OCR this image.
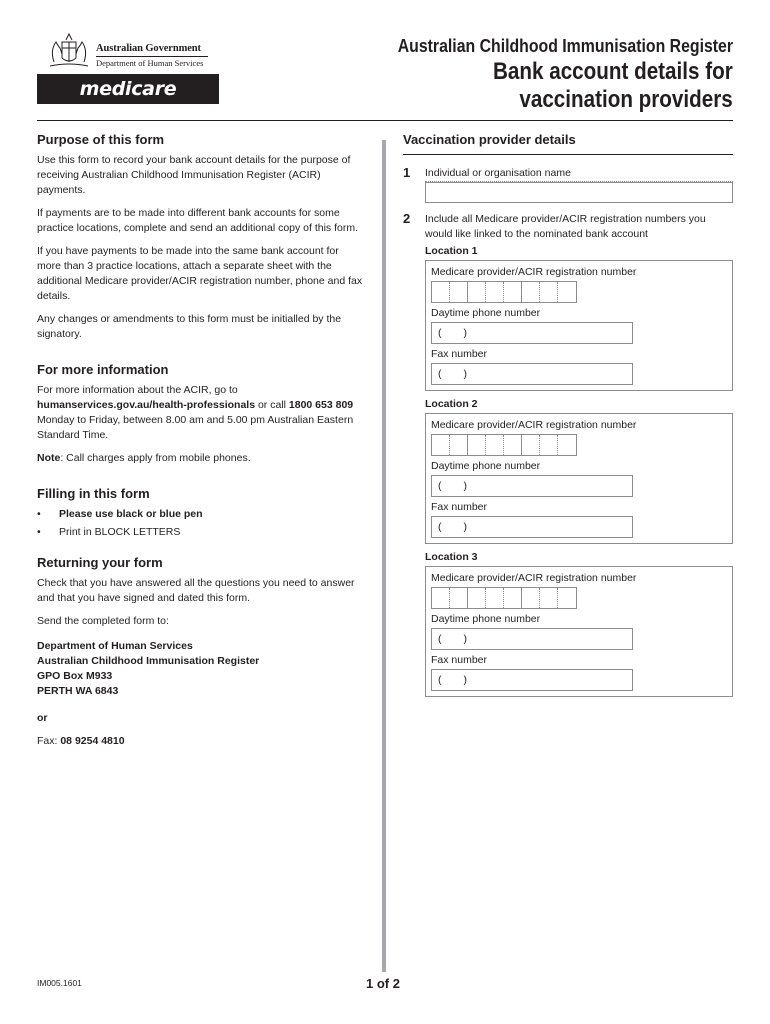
Australian Government
Department of Human Services
medicare
Australian Childhood Immunisation Register
Bank account details for
vaccination providers
Purpose of this form
Use this form to record your bank account details for the purpose of receiving Australian Childhood Immunisation Register (ACIR) payments.
If payments are to be made into different bank accounts for some practice locations, complete and send an additional copy of this form.
If you have payments to be made into the same bank account for more than 3 practice locations, attach a separate sheet with the additional Medicare provider/ACIR registration number, phone and fax details.
Any changes or amendments to this form must be initialled by the signatory.
For more information
For more information about the ACIR, go to
humanservices.gov.au/health-professionals or call 1800 653 809
Monday to Friday, between 8.00 am and 5.00 pm Australian Eastern Standard Time.
Note: Call charges apply from mobile phones.
Filling in this form
•	Please use black or blue pen
•	Print in BLOCK LETTERS
Returning your form
Check that you have answered all the questions you need to answer and that you have signed and dated this form.
Send the completed form to:
Department of Human Services
Australian Childhood Immunisation Register
GPO Box M933
PERTH WA 6843
or
Fax: 08 9254 4810
Vaccination provider details
1 Individual or organisation name
2 Include all Medicare provider/ACIR registration numbers you would like linked to the nominated bank account
Location 1
Medicare provider/ACIR registration number
Daytime phone number
( )
Fax number
( )
Location 2
Medicare provider/ACIR registration number
Daytime phone number
( )
Fax number
( )
Location 3
Medicare provider/ACIR registration number
Daytime phone number
( )
Fax number
( )
IM005.1601	1 of 2
